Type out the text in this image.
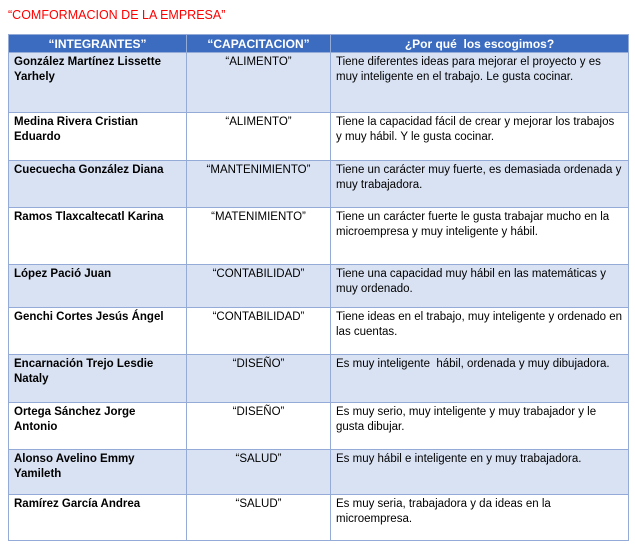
“COMFORMACION DE LA EMPRESA”
“INTEGRANTES”	“CAPACITACION”	¿Por qué  los escogimos?
González Martínez Lissette Yarhely	“ALIMENTO”	Tiene diferentes ideas para mejorar el proyecto y es muy inteligente en el trabajo. Le gusta cocinar.
Medina Rivera Cristian Eduardo	“ALIMENTO”	Tiene la capacidad fácil de crear y mejorar los trabajos y muy hábil. Y le gusta cocinar.
Cuecuecha González Diana	“MANTENIMIENTO”	Tiene un carácter muy fuerte, es demasiada ordenada y  muy trabajadora.
Ramos Tlaxcaltecatl Karina	“MATENIMIENTO”	Tiene un carácter fuerte le gusta trabajar mucho en la microempresa y muy inteligente y hábil.
López Pació Juan	“CONTABILIDAD”	Tiene una capacidad muy hábil en las matemáticas y muy ordenado.
Genchi Cortes Jesús Ángel	“CONTABILIDAD”	Tiene ideas en el trabajo, muy inteligente y ordenado en las cuentas.
Encarnación Trejo Lesdie Nataly	“DISEÑO”	Es muy inteligente  hábil, ordenada y muy dibujadora.
Ortega Sánchez Jorge Antonio	“DISEÑO”	Es muy serio, muy inteligente y muy trabajador y le gusta dibujar.
Alonso Avelino Emmy Yamileth	“SALUD”	Es muy hábil e inteligente en y muy trabajadora.
Ramírez García Andrea	“SALUD”	Es muy seria, trabajadora y da ideas en la microempresa.
